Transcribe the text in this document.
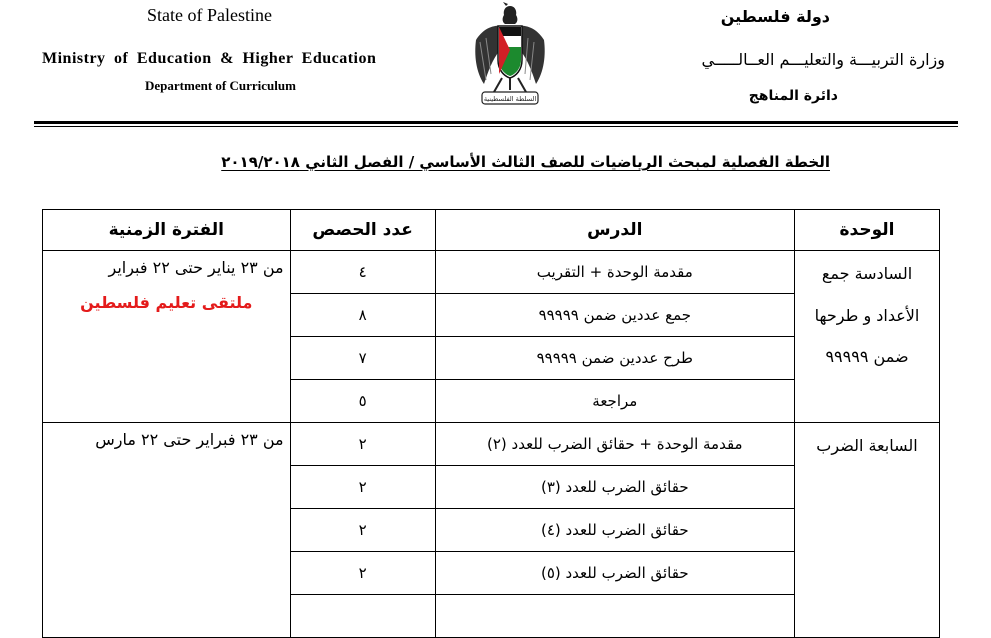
State of Palestine
Ministry of Education & Higher Education
Department of Curriculum
السلطة الفلسطينية
دولة فلسطين
وزارة التربيـــة والتعليـــم العــالـــــي
دائرة المناهج
الخطة الفصلية لمبحث الرياضيات للصف الثالث الأساسي / الفصل الثاني ٢٠١٩/٢٠١٨
الوحدة	الدرس	عدد الحصص	الفترة الزمنية
السادسة جمع الأعداد و طرحها ضمن ٩٩٩٩٩	مقدمة الوحدة + التقريب	٤	من ٢٣ يناير حتى ٢٢ فبراير
ملتقى تعليم فلسطين

	جمع عددين ضمن ٩٩٩٩٩	٨	
	طرح عددين ضمن ٩٩٩٩٩	٧	
	مراجعة	٥	
السابعة الضرب	مقدمة الوحدة + حقائق الضرب للعدد (٢)	٢	من ٢٣ فبراير حتى ٢٢ مارس

	حقائق الضرب للعدد (٣)	٢	
	حقائق الضرب للعدد (٤)	٢	
	حقائق الضرب للعدد (٥)	٢	
